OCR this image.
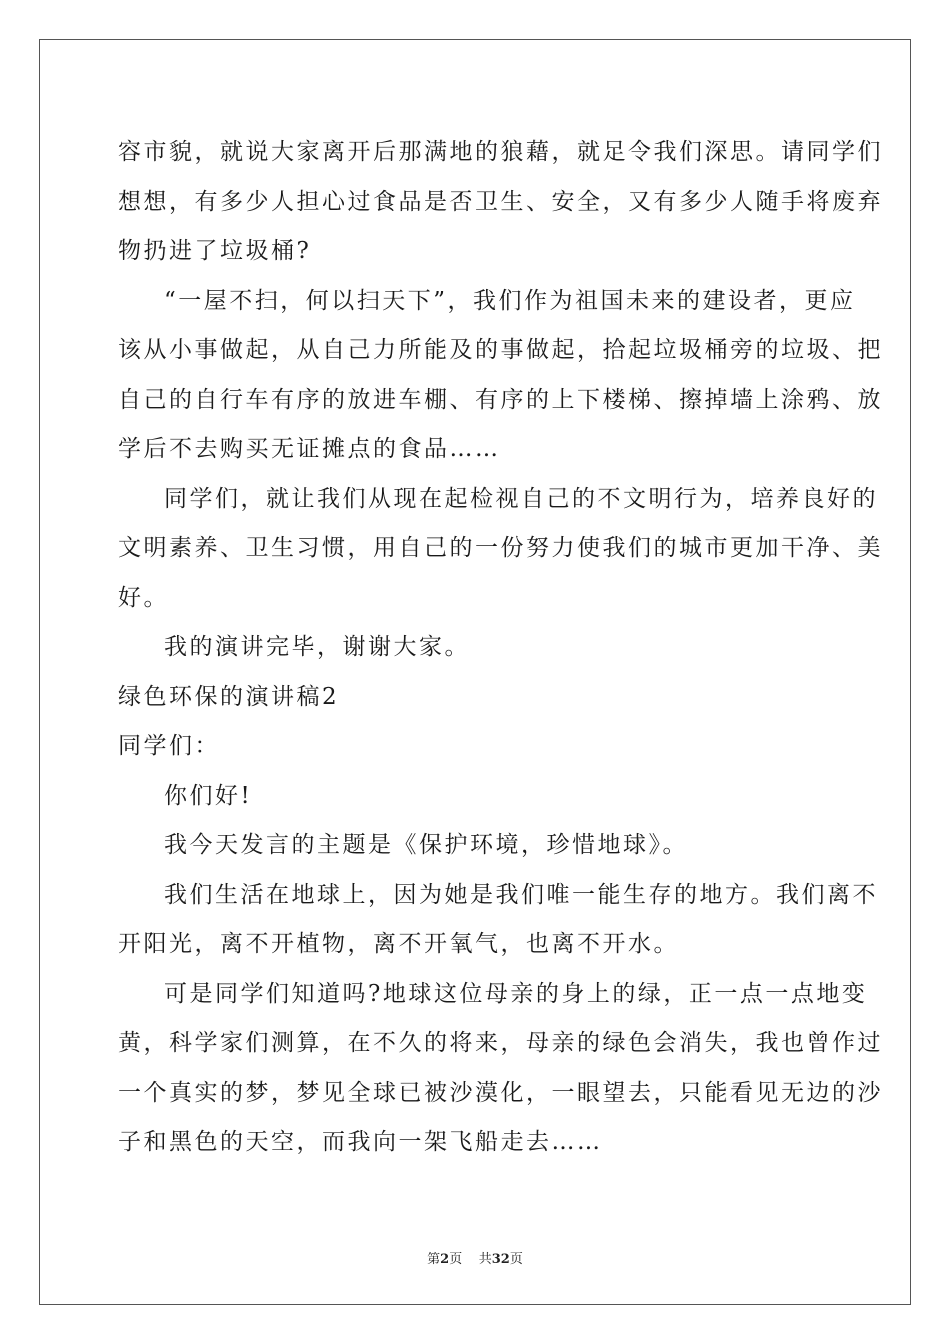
容市貌，就说大家离开后那满地的狼藉，就足令我们深思。请同学们
想想，有多少人担心过食品是否卫生、安全，又有多少人随手将废弃
物扔进了垃圾桶?
“一屋不扫，何以扫天下”，我们作为祖国未来的建设者，更应
该从小事做起，从自己力所能及的事做起，拾起垃圾桶旁的垃圾、把
自己的自行车有序的放进车棚、有序的上下楼梯、擦掉墙上涂鸦、放
学后不去购买无证摊点的食品……
同学们，就让我们从现在起检视自己的不文明行为，培养良好的
文明素养、卫生习惯，用自己的一份努力使我们的城市更加干净、美
好。
我的演讲完毕，谢谢大家。
绿色环保的演讲稿2
同学们：
你们好!
我今天发言的主题是《保护环境，珍惜地球》。
我们生活在地球上，因为她是我们唯一能生存的地方。我们离不
开阳光，离不开植物，离不开氧气，也离不开水。
可是同学们知道吗?地球这位母亲的身上的绿，正一点一点地变
黄，科学家们测算，在不久的将来，母亲的绿色会消失，我也曾作过
一个真实的梦，梦见全球已被沙漠化，一眼望去，只能看见无边的沙
子和黑色的天空，而我向一架飞船走去……
第2页 共32页
